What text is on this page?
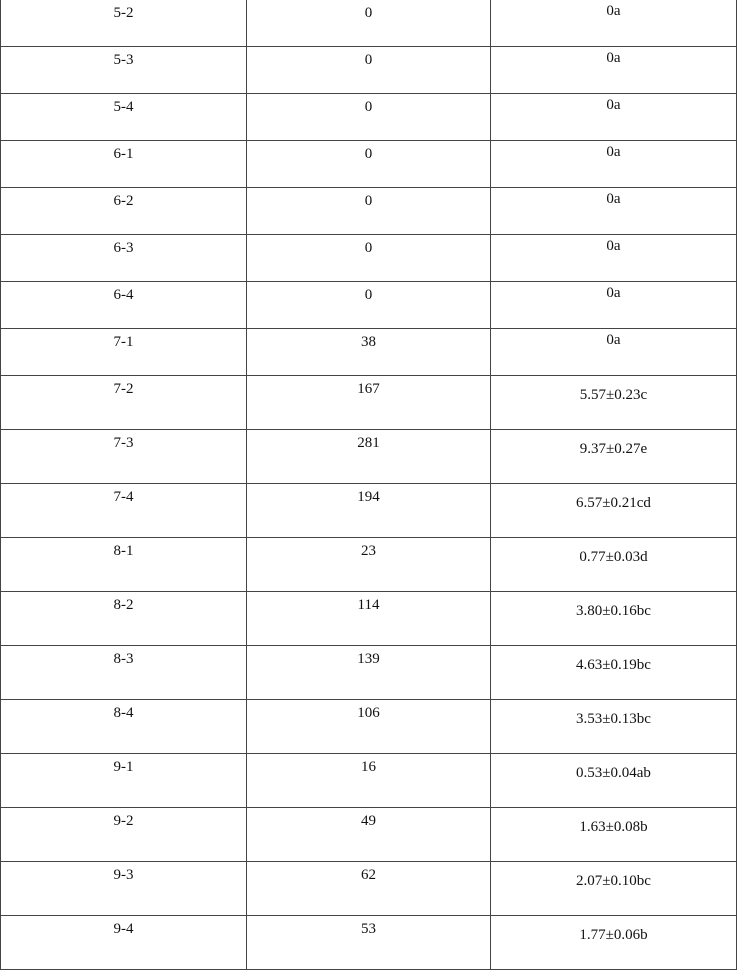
5-2	0	0a
5-3	0	0a
5-4	0	0a
6-1	0	0a
6-2	0	0a
6-3	0	0a
6-4	0	0a
7-1	38	0a
7-2	167	5.57±0.23c
7-3	281	9.37±0.27e
7-4	194	6.57±0.21cd
8-1	23	0.77±0.03d
8-2	114	3.80±0.16bc
8-3	139	4.63±0.19bc
8-4	106	3.53±0.13bc
9-1	16	0.53±0.04ab
9-2	49	1.63±0.08b
9-3	62	2.07±0.10bc
9-4	53	1.77±0.06b
